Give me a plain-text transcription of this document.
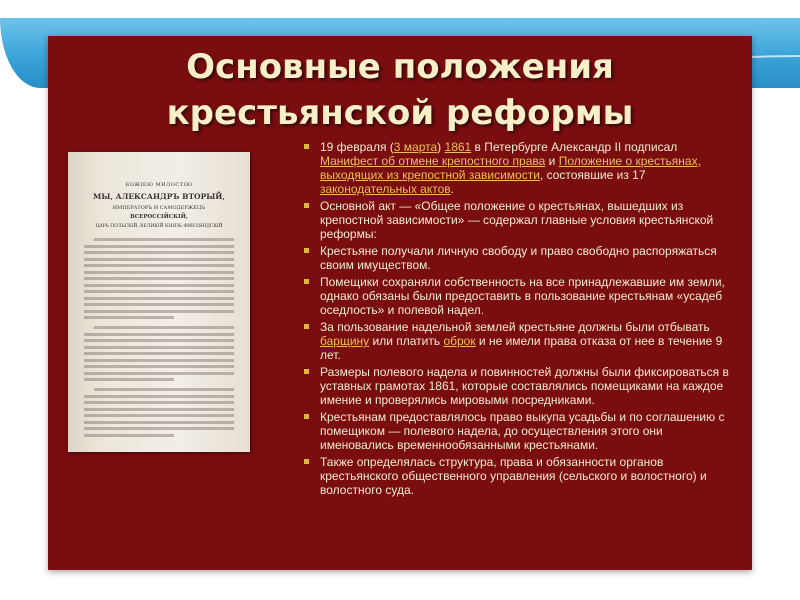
Основные положения
крестьянской реформы
БОЖІЕЮ МИЛОСТІЮ
МЫ, АЛЕКСАНДРЪ ВТОРЫЙ,
ИМПЕРАТОРЪ И САМОДЕРЖЕЦЪ
ВСЕРОССІЙСКІЙ,
ЦАРЬ ПОЛЬСКІЙ, ВЕЛИКІЙ КНЯЗЬ ФИНЛЯНДСКІЙ
19 февраля (3 марта) 1861 в Петербурге Александр II подписал Манифест об отмене крепостного права и Положение о крестьянах, выходящих из крепостной зависимости, состоявшие из 17 законодательных актов.
Основной акт — «Общее положение о крестьянах, вышедших из крепостной зависимости» — содержал главные условия крестьянской реформы:
Крестьяне получали личную свободу и право свободно распоряжаться своим имуществом.
Помещики сохраняли собственность на все принадлежавшие им земли, однако обязаны были предоставить в пользование крестьянам «усадеб оседлость» и полевой надел.
За пользование надельной землей крестьяне должны были отбывать барщину или платить оброк и не имели права отказа от нее в течение 9 лет.
Размеры полевого надела и повинностей должны были фиксироваться в уставных грамотах 1861, которые составлялись помещиками на каждое имение и проверялись мировыми посредниками.
Крестьянам предоставлялось право выкупа усадьбы и по соглашению с помещиком — полевого надела, до осуществления этого они именовались временнообязанными крестьянами.
Также определялась структура, права и обязанности органов крестьянского общественного управления (сельского и волостного) и волостного суда.
